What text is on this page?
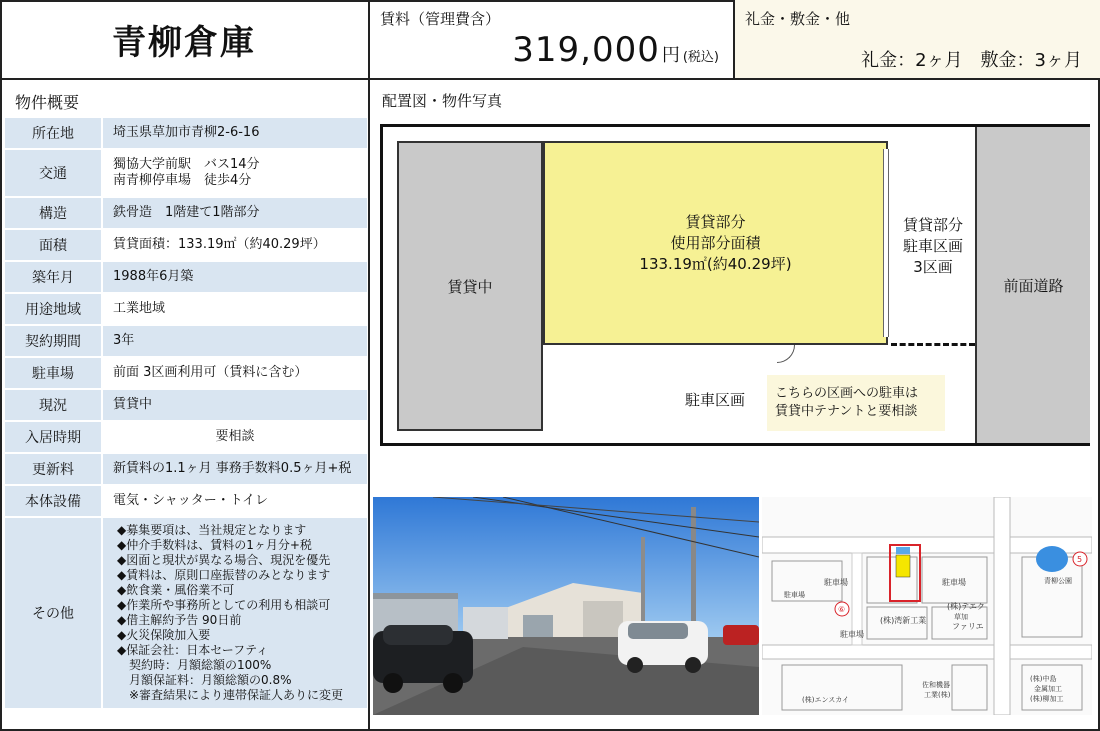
青柳倉庫
賃料（管理費含）
319,000 円 (税込)
礼金・敷金・他
礼金：2ヶ月　敷金：3ヶ月
物件概要
所在地	埼玉県草加市青柳2-6-16
交通
獨協大学前駅　バス14分
南青柳停車場　徒歩4分
構造	鉄骨造　1階建て1階部分
面積	賃貸面積：133.19㎡（約40.29坪）
築年月	1988年6月築
用途地域	工業地域
契約期間	3年
駐車場	前面 3区画利用可（賃料に含む）
現況	賃貸中
入居時期	要相談
更新料	新賃料の1.1ヶ月 事務手数料0.5ヶ月+税
本体設備	電気・シャッター・トイレ
その他
◆募集要項は、当社規定となります
◆仲介手数料は、賃料の1ヶ月分+税
◆図面と現状が異なる場合、現況を優先
◆賃料は、原則口座振替のみとなります
◆飲食業・風俗業不可
◆作業所や事務所としての利用も相談可
◆借主解約予告 90日前
◆火災保険加入要
◆保証会社：日本セーフティ
　契約時：月額総額の100%
　月額保証料：月額総額の0.8%
　※審査結果により連帯保証人ありに変更
配置図・物件写真
賃貸中
賃貸部分
使用部分面積
133.19㎡(約40.29坪)
賃貸部分
駐車区画
3区画
駐車区画 こちらの区画への駐車は
賃貸中テナントと要相談
前面道路
駐車場	駐車場
駐車場
駐車場
⑥
5
青柳公園
(株)湾新工業
(株)テエク
草加
ファリエ
(株)中島
金属加工
(株)柳加工
佐和機器
工業(株)
(株)エンスカイ
